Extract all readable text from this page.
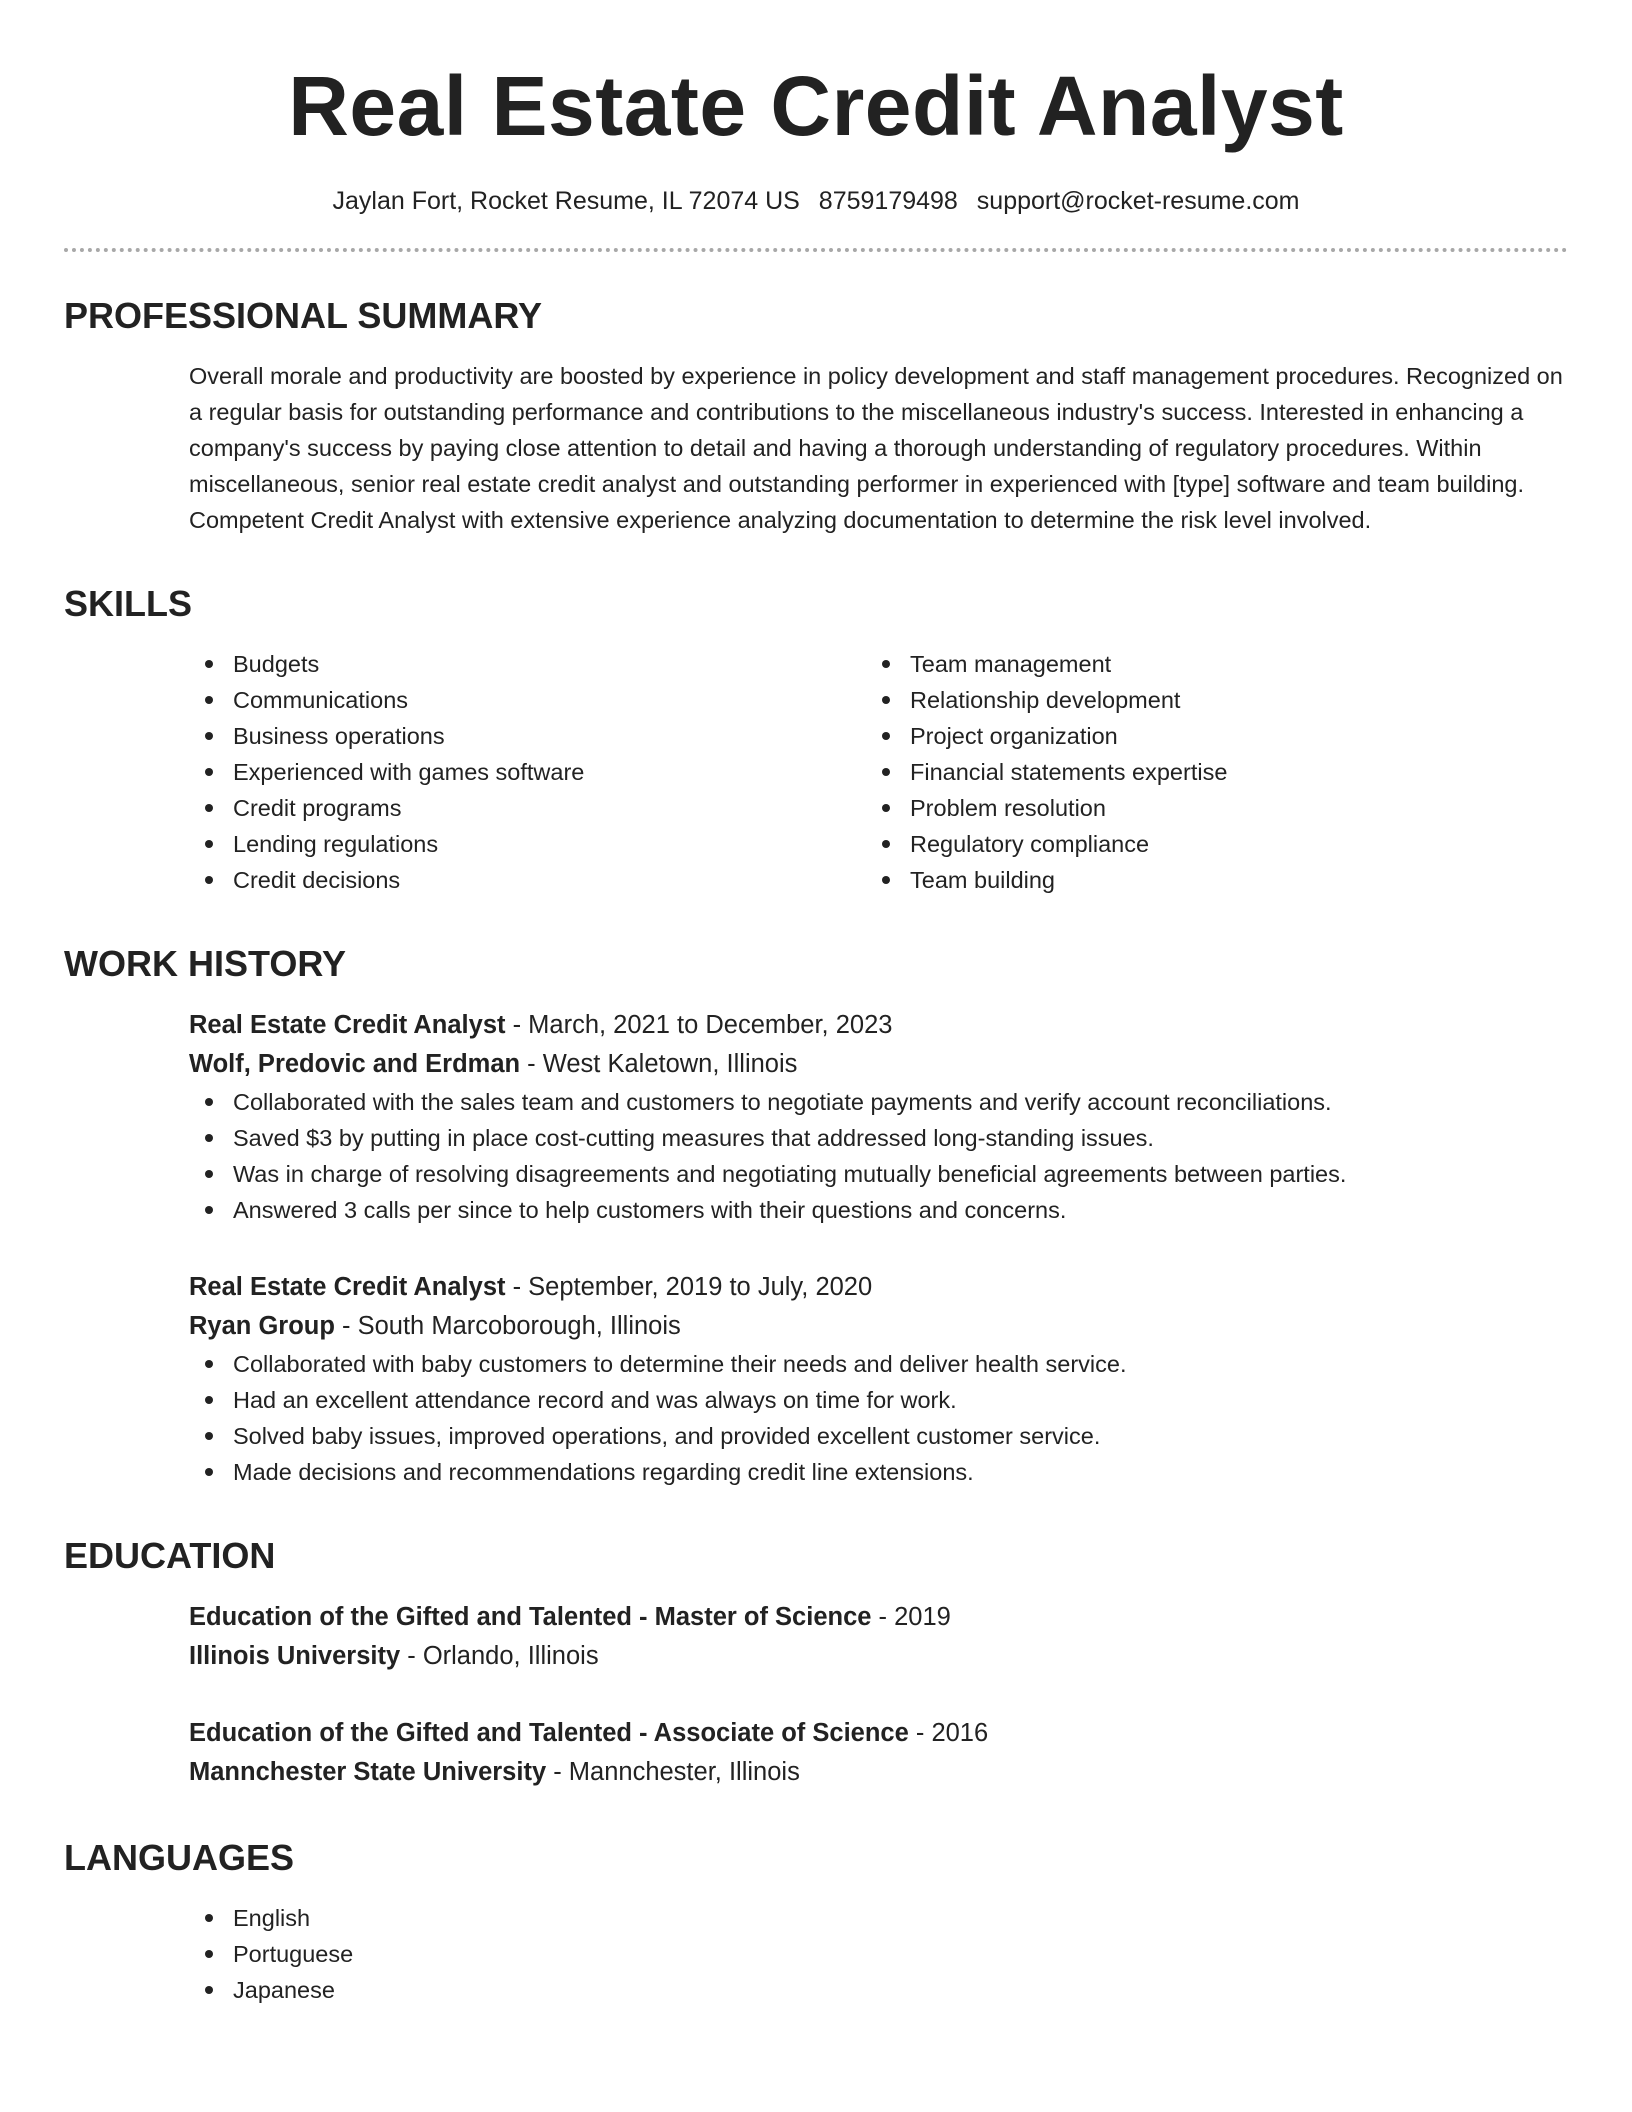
Real Estate Credit Analyst
Jaylan Fort, Rocket Resume, IL 72074 US 8759179498 support@rocket-resume.com
PROFESSIONAL SUMMARY

Overall morale and productivity are boosted by experience in policy development and staff management procedures. Recognized on a regular basis for outstanding performance and contributions to the miscellaneous industry's success. Interested in enhancing a company's success by paying close attention to detail and having a thorough understanding of regulatory procedures. Within miscellaneous, senior real estate credit analyst and outstanding performer in experienced with [type] software and team building. Competent Credit Analyst with extensive experience analyzing documentation to determine the risk level involved.

SKILLS
Budgets
Communications
Business operations
Experienced with games software
Credit programs
Lending regulations
Credit decisions
Team management
Relationship development
Project organization
Financial statements expertise
Problem resolution
Regulatory compliance
Team building
WORK HISTORY
Real Estate Credit Analyst - March, 2021 to December, 2023
Wolf, Predovic and Erdman - West Kaletown, Illinois
Collaborated with the sales team and customers to negotiate payments and verify account reconciliations.
Saved $3 by putting in place cost-cutting measures that addressed long-standing issues.
Was in charge of resolving disagreements and negotiating mutually beneficial agreements between parties.
Answered 3 calls per since to help customers with their questions and concerns.
Real Estate Credit Analyst - September, 2019 to July, 2020
Ryan Group - South Marcoborough, Illinois
Collaborated with baby customers to determine their needs and deliver health service.
Had an excellent attendance record and was always on time for work.
Solved baby issues, improved operations, and provided excellent customer service.
Made decisions and recommendations regarding credit line extensions.
EDUCATION
Education of the Gifted and Talented - Master of Science - 2019
Illinois University - Orlando, Illinois
Education of the Gifted and Talented - Associate of Science - 2016
Mannchester State University - Mannchester, Illinois
LANGUAGES
English
Portuguese
Japanese
